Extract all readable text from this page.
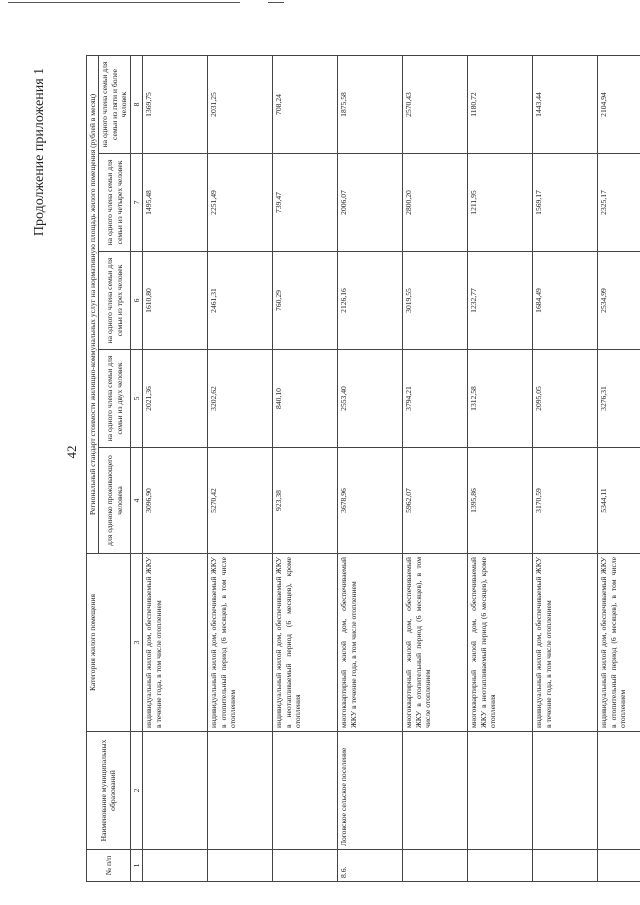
Продолжение приложения 1
42
№ п/п	Наименование муниципальных образований	Категория жилого помещения	Региональный стандарт стоимости жилищно-коммунальных услуг на нормативную площадь жилого помещения (рублей в месяц)				
			для одиноко проживающего человека	на одного члена семьи для семьи из двух человек	на одного члена семьи для семьи из трех человек	на одного члена семьи для семьи из четырех человек	на одного члена семьи для семьи из пяти и более человек
1	2	3	4	5	6	7	8
		индивидуальный жилой дом, обеспечиваемый ЖКУ в течение года, в том числе отоплением	3096,90	2021,36	1610,80	1495,48	1369,75
		индивидуальный жилой дом, обеспечиваемый ЖКУ в отопительный период (6 месяцев), в том числе отоплением	5270,42	3202,62	2461,31	2251,49	2031,25
		индивидуальный жилой дом, обеспечиваемый ЖКУ в неотапливаемый период (6 месяцев), кроме отопления	923,38	840,10	760,29	739,47	708,24
8.6.	Логовское сельское поселение	многоквартирный жилой дом, обеспечиваемый ЖКУ в течение года, в том числе отоплением	3678,96	2553,40	2126,16	2006,07	1875,58
		многоквартирный жилой дом, обеспечиваемый ЖКУ в отопительный период (6 месяцев), в том числе отоплением	5962,07	3794,21	3019,55	2800,20	2570,43
		многоквартирный жилой дом, обеспечиваемый ЖКУ в неотапливаемый период (6 месяцев), кроме отопления	1395,86	1312,58	1232,77	1211,95	1180,72
		индивидуальный жилой дом, обеспечиваемый ЖКУ в течение года, в том числе отоплением	3170,59	2095,05	1684,49	1569,17	1443,44
		индивидуальный жилой дом, обеспечиваемый ЖКУ в отопительный период (6 месяцев), в том числе отоплением	5344,11	3276,31	2534,99	2325,17	2104,94
